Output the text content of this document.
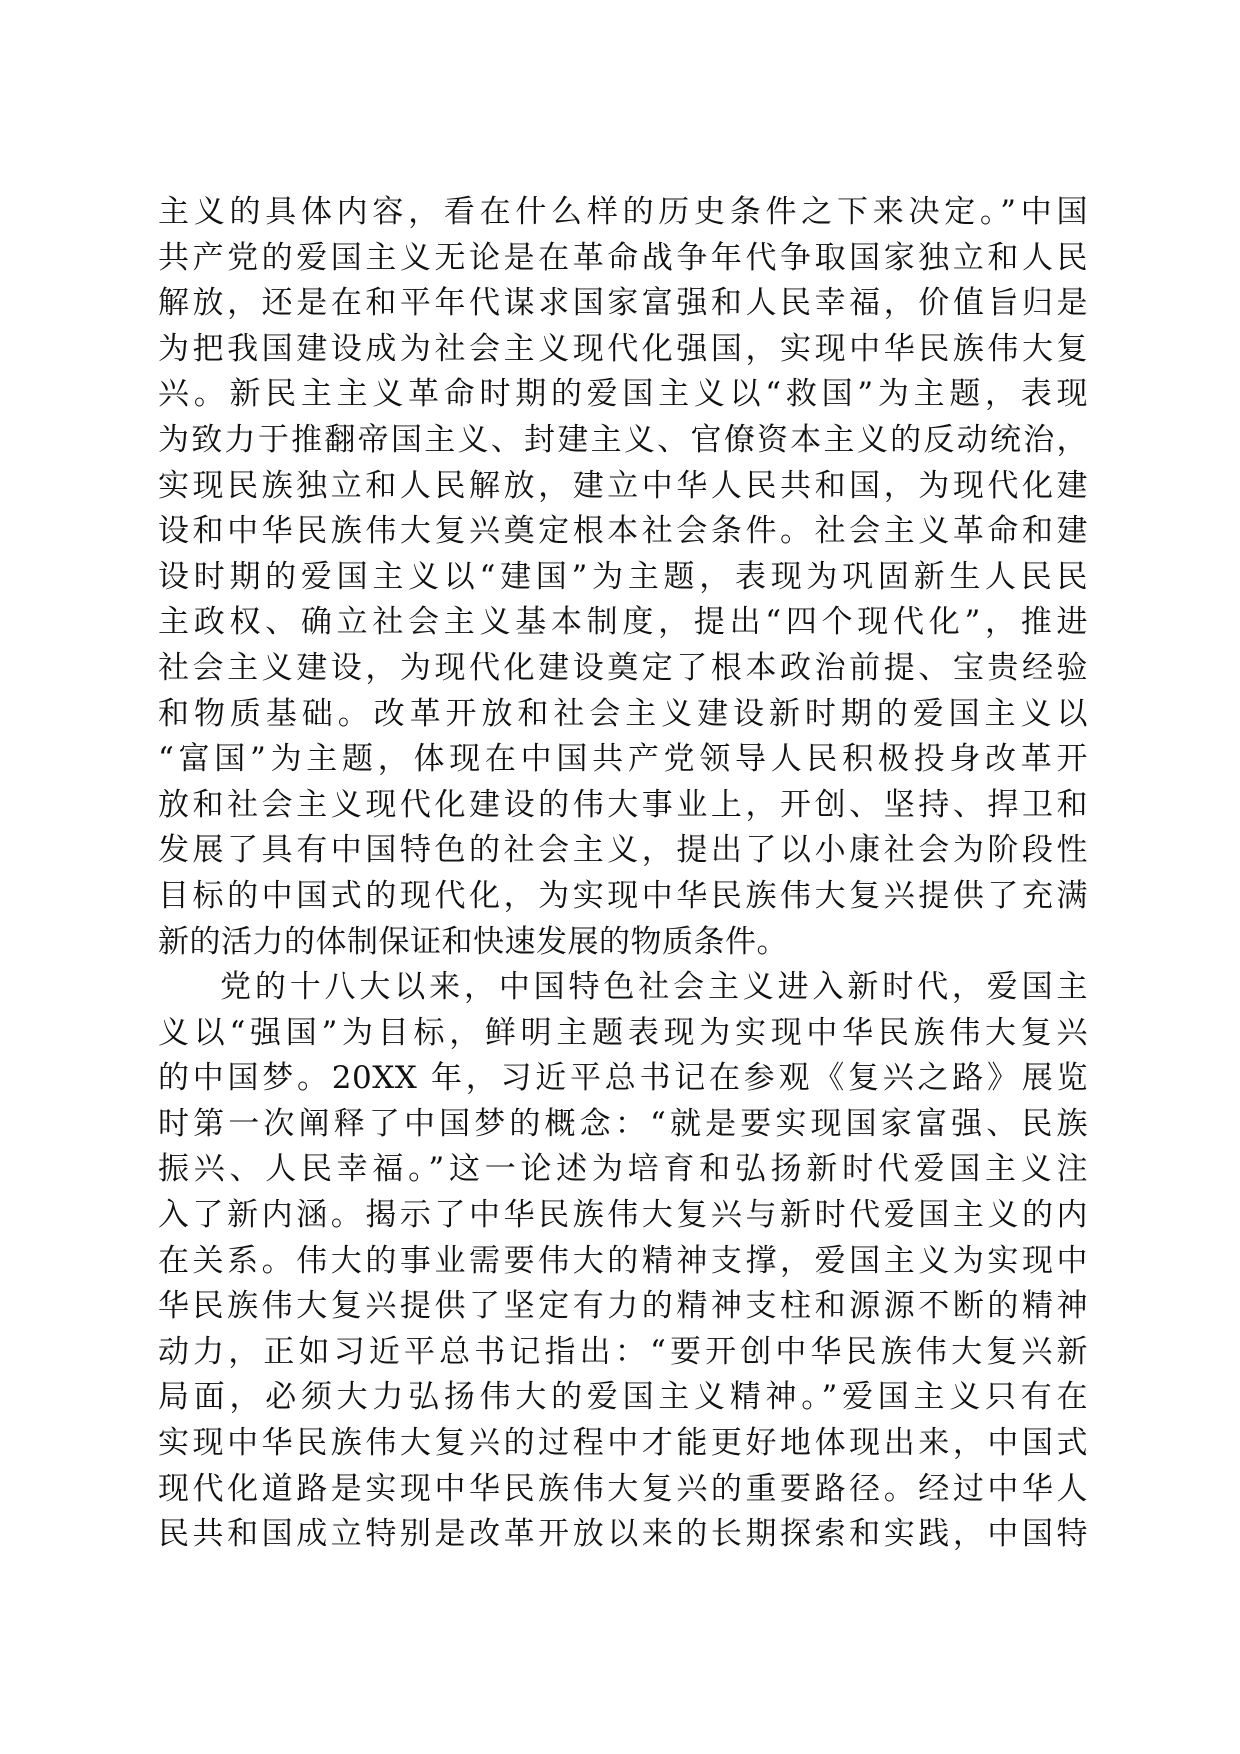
主义的具体内容，看在什么样的历史条件之下来决定。”中国
共产党的爱国主义无论是在革命战争年代争取国家独立和人民
解放，还是在和平年代谋求国家富强和人民幸福，价值旨归是
为把我国建设成为社会主义现代化强国，实现中华民族伟大复
兴。新民主主义革命时期的爱国主义以“救国”为主题，表现
为致力于推翻帝国主义、封建主义、官僚资本主义的反动统治，
实现民族独立和人民解放，建立中华人民共和国，为现代化建
设和中华民族伟大复兴奠定根本社会条件。社会主义革命和建
设时期的爱国主义以“建国”为主题，表现为巩固新生人民民
主政权、确立社会主义基本制度，提出“四个现代化”，推进
社会主义建设，为现代化建设奠定了根本政治前提、宝贵经验
和物质基础。改革开放和社会主义建设新时期的爱国主义以
“富国”为主题，体现在中国共产党领导人民积极投身改革开
放和社会主义现代化建设的伟大事业上，开创、坚持、捍卫和
发展了具有中国特色的社会主义，提出了以小康社会为阶段性
目标的中国式的现代化，为实现中华民族伟大复兴提供了充满
新的活力的体制保证和快速发展的物质条件。
党的十八大以来，中国特色社会主义进入新时代，爱国主
义以“强国”为目标，鲜明主题表现为实现中华民族伟大复兴
的中国梦。20XX 年，习近平总书记在参观《复兴之路》展览
时第一次阐释了中国梦的概念：“就是要实现国家富强、民族
振兴、人民幸福。”这一论述为培育和弘扬新时代爱国主义注
入了新内涵。揭示了中华民族伟大复兴与新时代爱国主义的内
在关系。伟大的事业需要伟大的精神支撑，爱国主义为实现中
华民族伟大复兴提供了坚定有力的精神支柱和源源不断的精神
动力，正如习近平总书记指出：“要开创中华民族伟大复兴新
局面，必须大力弘扬伟大的爱国主义精神。”爱国主义只有在
实现中华民族伟大复兴的过程中才能更好地体现出来，中国式
现代化道路是实现中华民族伟大复兴的重要路径。经过中华人
民共和国成立特别是改革开放以来的长期探索和实践，中国特
